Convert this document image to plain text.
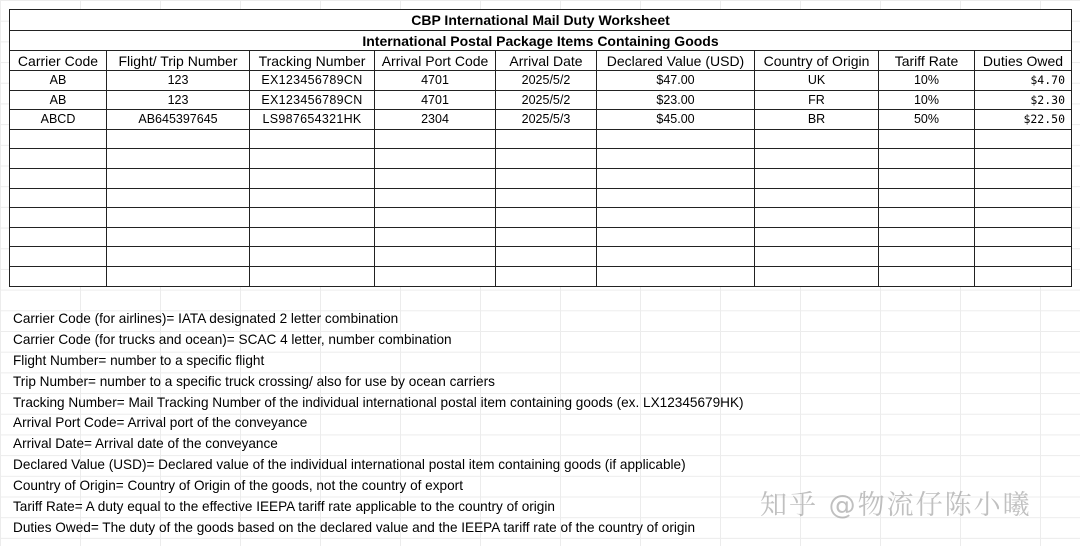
CBP International Mail Duty Worksheet								
International Postal Package Items Containing Goods								
Carrier Code	Flight/ Trip Number	Tracking Number	Arrival Port Code	Arrival Date	Declared Value (USD)	Country of Origin	Tariff Rate	Duties Owed
AB	123	EX123456789CN	4701	2025/5/2	$47.00	UK	10%	$4.70
AB	123	EX123456789CN	4701	2025/5/2	$23.00	FR	10%	$2.30
ABCD	AB645397645	LS987654321HK	2304	2025/5/3	$45.00	BR	50%	$22.50

Carrier Code (for airlines)= IATA designated 2 letter combination
Carrier Code (for trucks and ocean)= SCAC 4 letter, number combination
Flight Number= number to a specific flight
Trip Number= number to a specific truck crossing/ also for use by ocean carriers
Tracking Number= Mail Tracking Number of the individual international postal item containing goods (ex. LX12345679HK)
Arrival Port Code= Arrival port of the conveyance
Arrival Date= Arrival date of the conveyance
Declared Value (USD)= Declared value of the individual international postal item containing goods (if applicable)
Country of Origin= Country of Origin of the goods, not the country of export
Tariff Rate= A duty equal to the effective IEEPA tariff rate applicable to the country of origin
Duties Owed= The duty of the goods based on the declared value and the IEEPA tariff rate of the country of origin
知乎 @物流仔陈小曦
